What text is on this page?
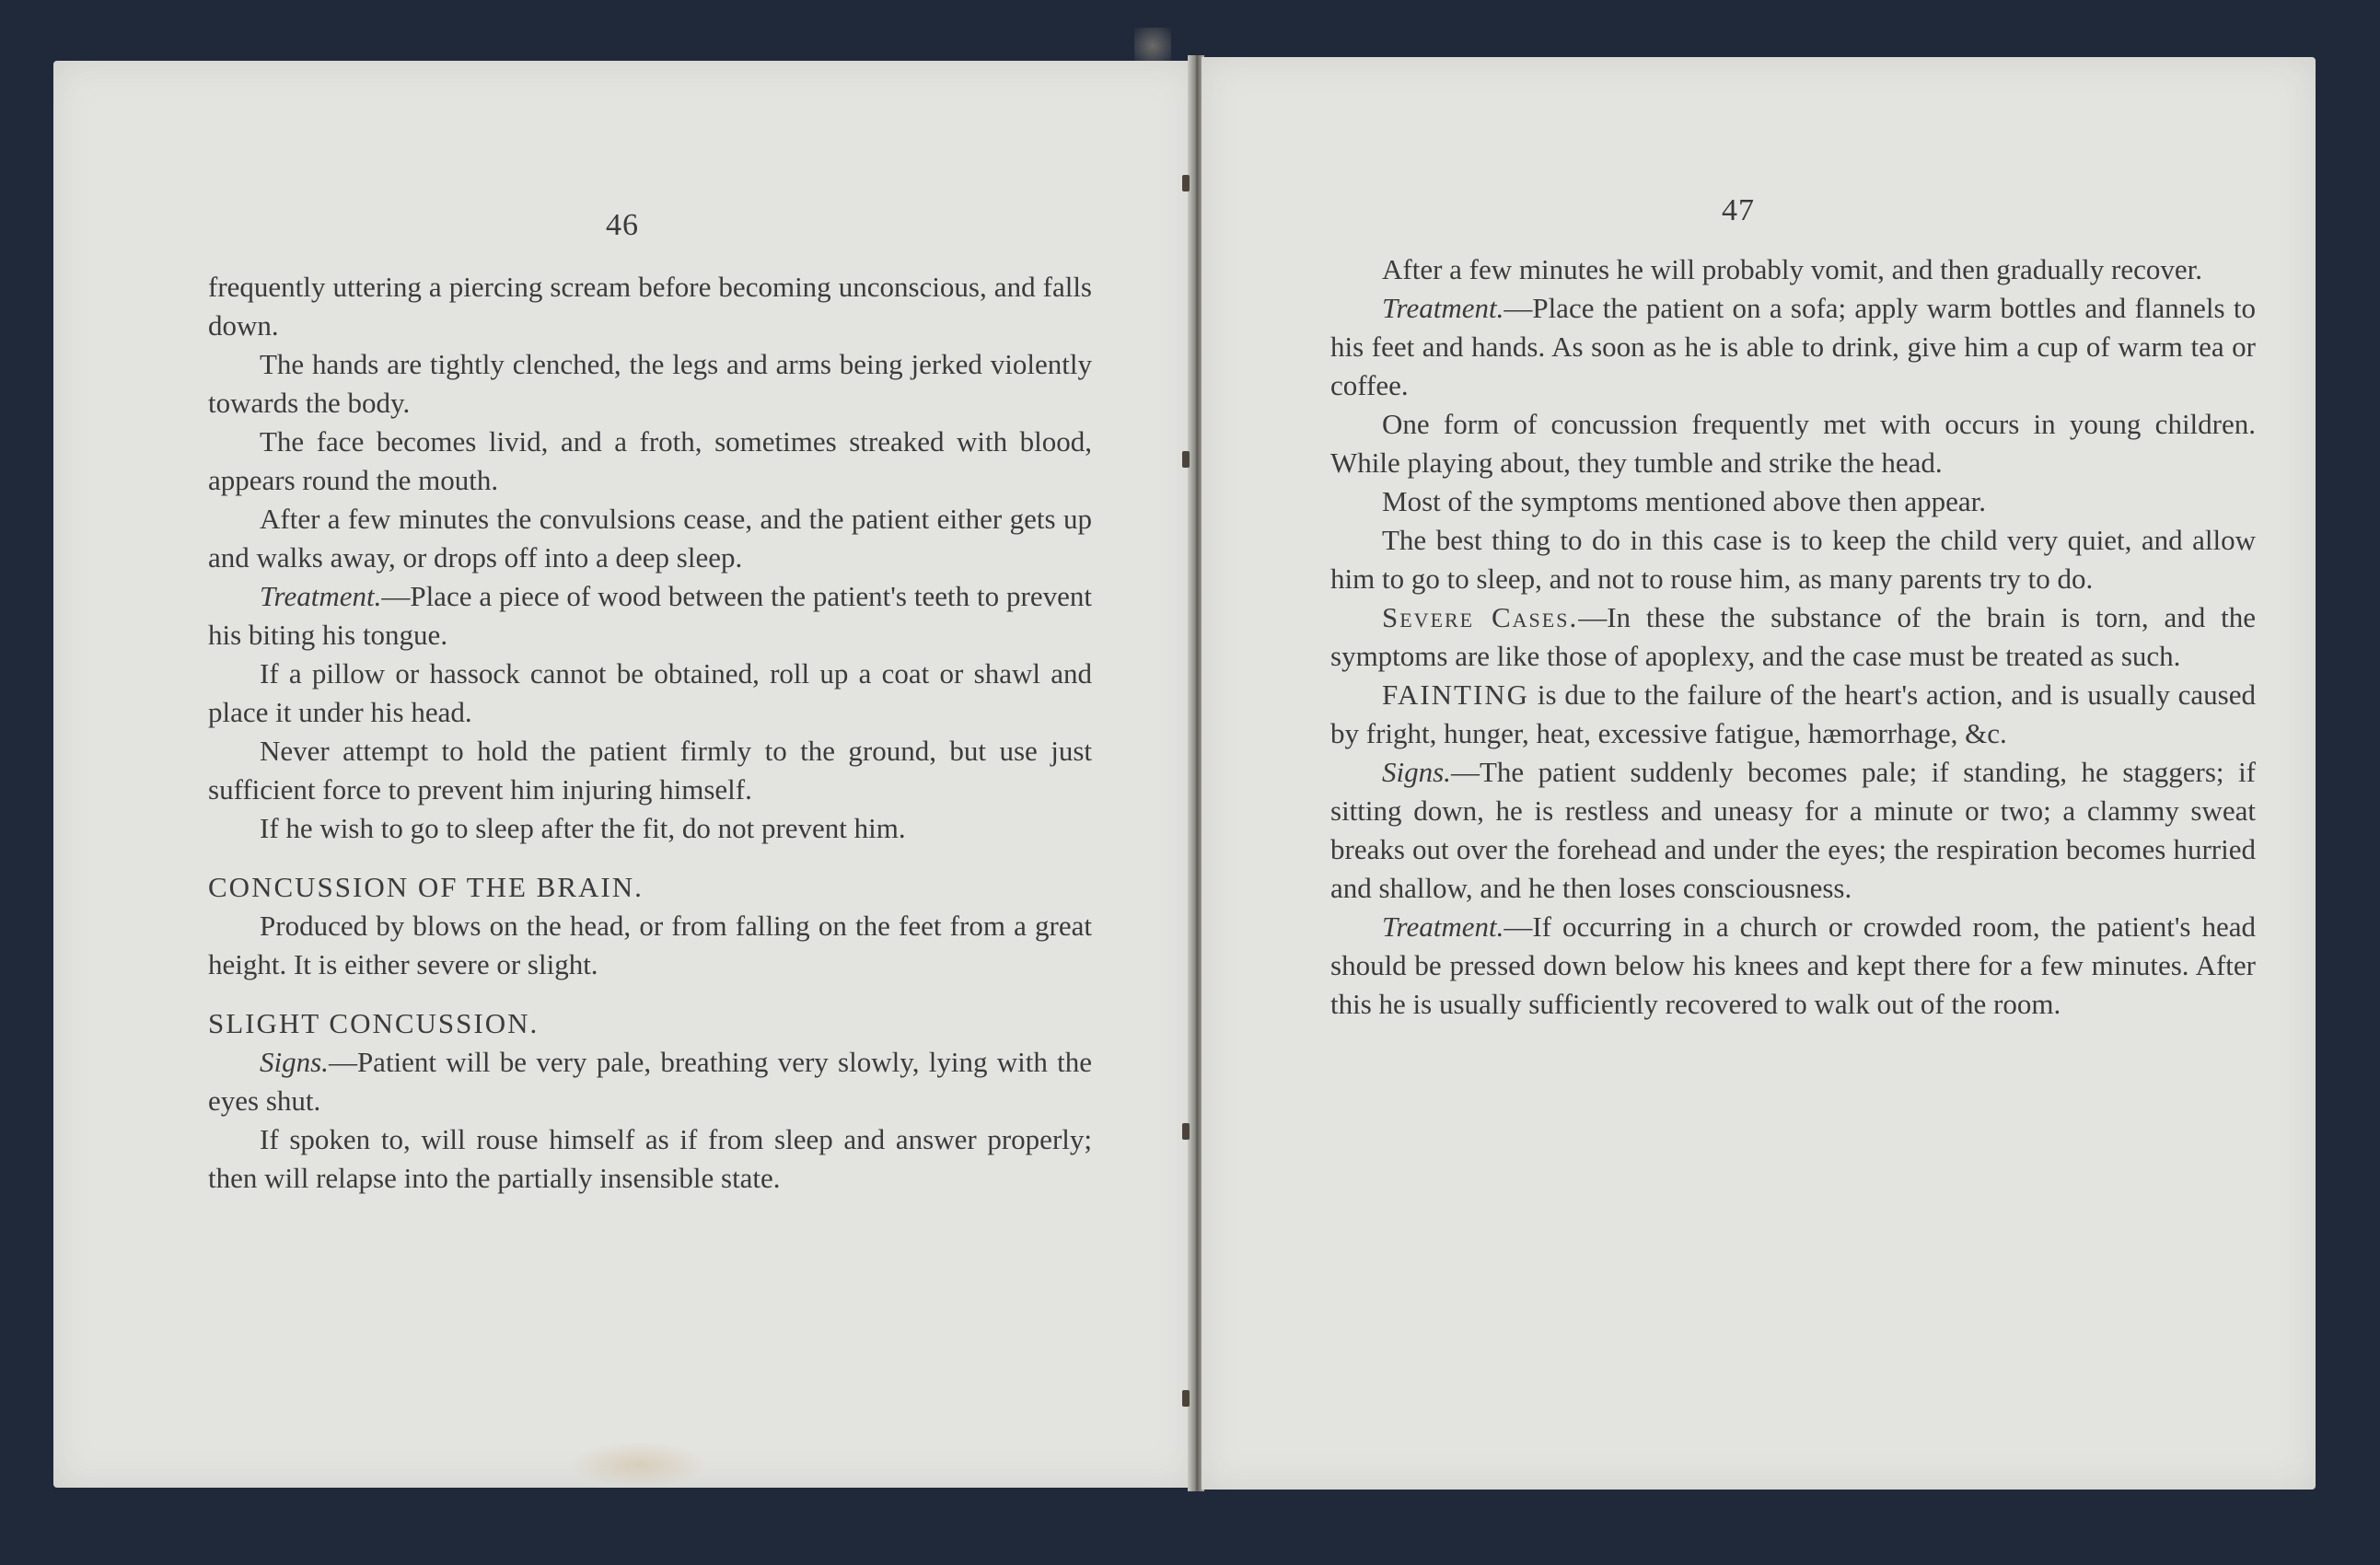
46

frequently uttering a piercing scream before becoming unconscious, and falls down.

The hands are tightly clenched, the legs and arms being jerked violently towards the body.

The face becomes livid, and a froth, sometimes streaked with blood, appears round the mouth.

After a few minutes the convulsions cease, and the patient either gets up and walks away, or drops off into a deep sleep.

Treatment.—Place a piece of wood between the patient's teeth to prevent his biting his tongue.

If a pillow or hassock cannot be obtained, roll up a coat or shawl and place it under his head.

Never attempt to hold the patient firmly to the ground, but use just sufficient force to prevent him injuring himself.

If he wish to go to sleep after the fit, do not prevent him.

CONCUSSION OF THE BRAIN.

Produced by blows on the head, or from falling on the feet from a great height. It is either severe or slight.

SLIGHT CONCUSSION.

Signs.—Patient will be very pale, breathing very slowly, lying with the eyes shut.

If spoken to, will rouse himself as if from sleep and answer properly; then will relapse into the partially insensible state.

47

After a few minutes he will probably vomit, and then gradually recover.

Treatment.—Place the patient on a sofa; apply warm bottles and flannels to his feet and hands. As soon as he is able to drink, give him a cup of warm tea or coffee.

One form of concussion frequently met with occurs in young children. While playing about, they tumble and strike the head.

Most of the symptoms mentioned above then appear.

The best thing to do in this case is to keep the child very quiet, and allow him to go to sleep, and not to rouse him, as many parents try to do.

Severe Cases.—In these the substance of the brain is torn, and the symptoms are like those of apoplexy, and the case must be treated as such.

FAINTING is due to the failure of the heart's action, and is usually caused by fright, hunger, heat, excessive fatigue, hæmorrhage, &c.

Signs.—The patient suddenly becomes pale; if standing, he staggers; if sitting down, he is restless and uneasy for a minute or two; a clammy sweat breaks out over the forehead and under the eyes; the respiration becomes hurried and shallow, and he then loses consciousness.

Treatment.—If occurring in a church or crowded room, the patient's head should be pressed down below his knees and kept there for a few minutes. After this he is usually sufficiently recovered to walk out of the room.
